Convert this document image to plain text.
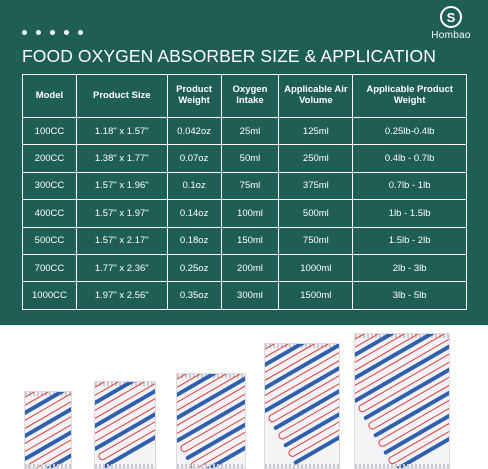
S
Hombao
FOOD OXYGEN ABSORBER SIZE & APPLICATION
Model	Product Size	Product Weight	Oxygen Intake	Applicable Air Volume	Applicable Product Weight
100CC	1.18" x 1.57"	0.042oz	25ml	125ml	0.25lb-0.4lb
200CC	1.38" x 1.77"	0.07oz	50ml	250ml	0.4lb - 0.7lb
300CC	1.57" x 1.96"	0.1oz	75ml	375ml	0.7lb - 1lb
400CC	1.57" x 1.97"	0.14oz	100ml	500ml	1lb - 1.5lb
500CC	1.57" x 2.17"	0.18oz	150ml	750ml	1.5lb - 2lb
700CC	1.77" x 2.36"	0.25oz	200ml	1000ml	2lb - 3lb
1000CC	1.97" x 2.56"	0.35oz	300ml	1500ml	3lb - 5lb
